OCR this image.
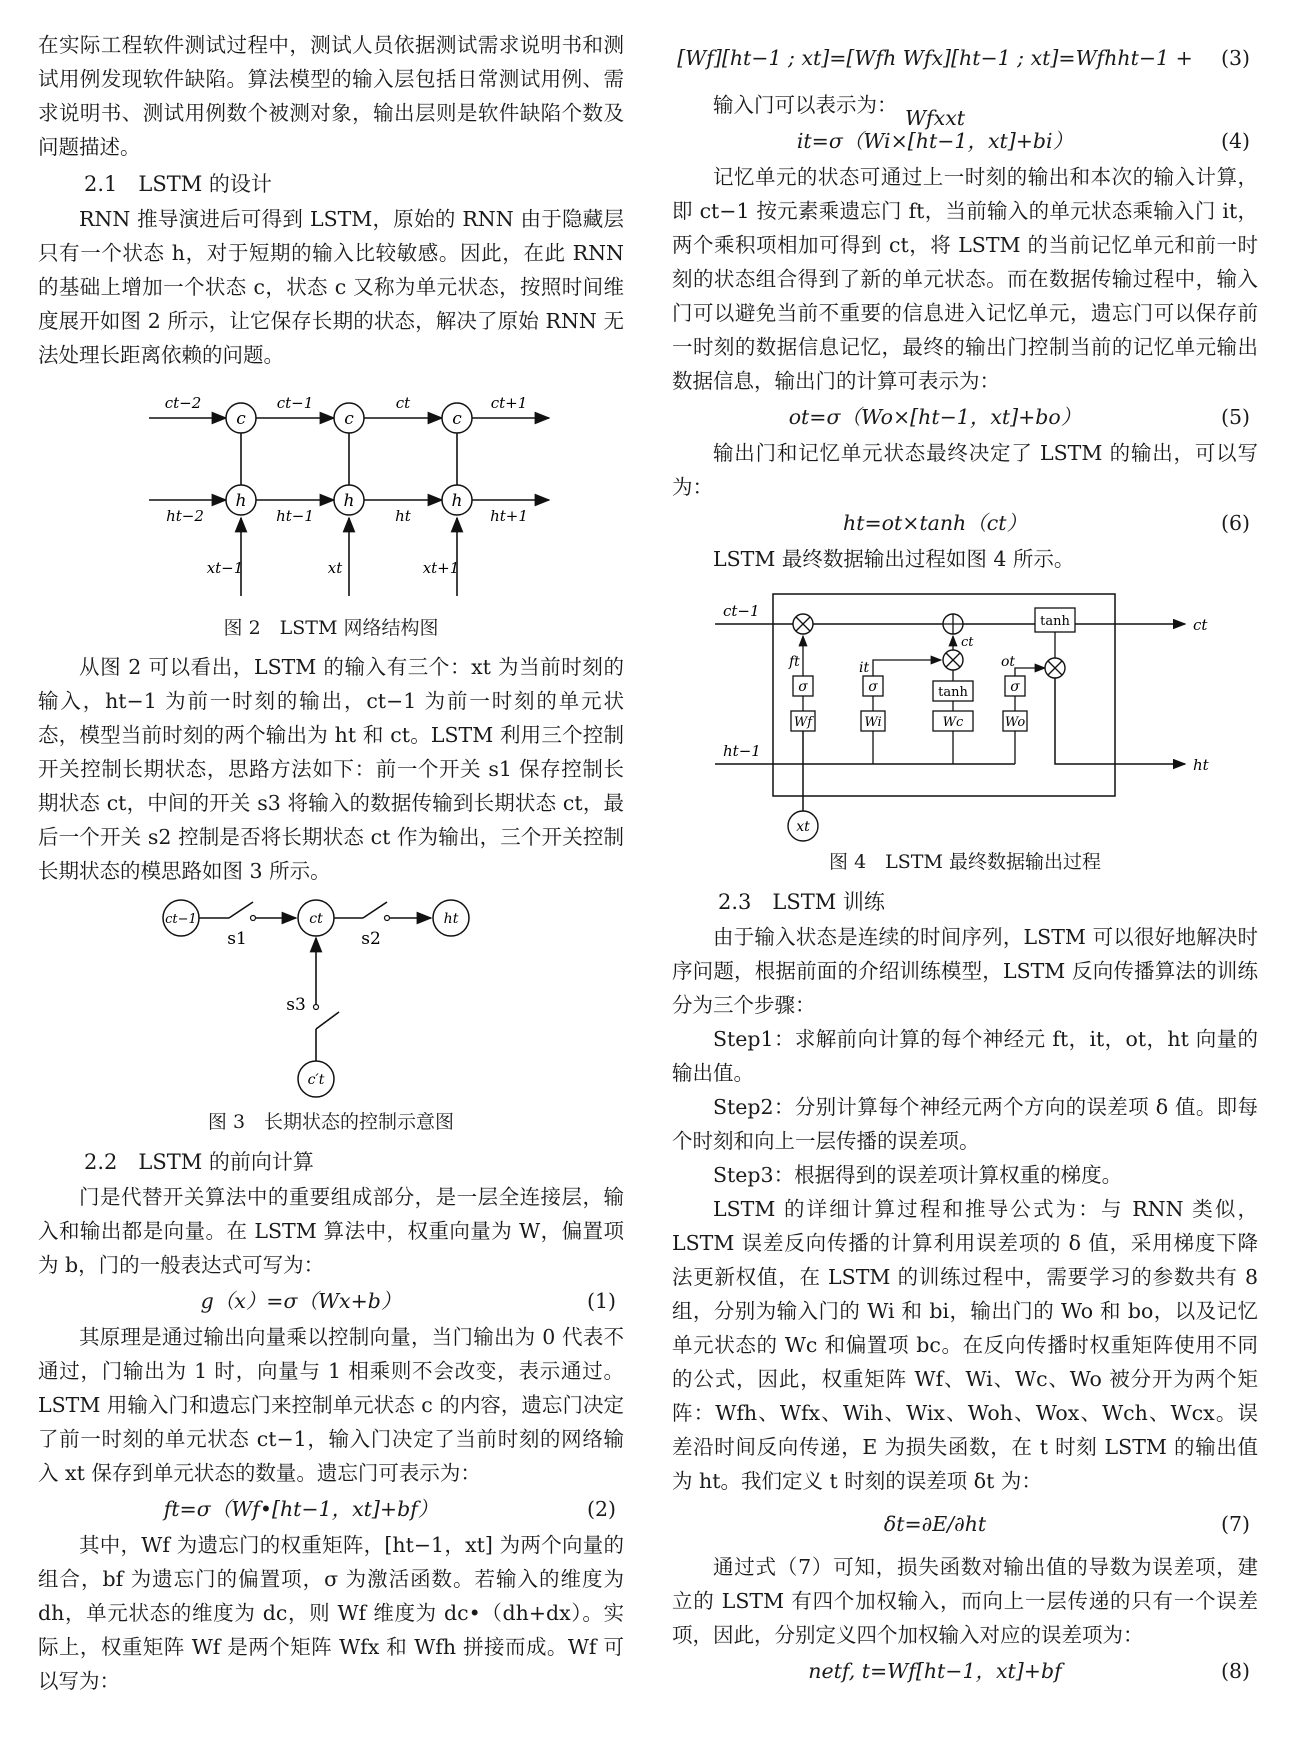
在实际工程软件测试过程中，测试人员依据测试需求说明书和测试用例发现软件缺陷。算法模型的输入层包括日常测试用例、需求说明书、测试用例数个被测对象，输出层则是软件缺陷个数及问题描述。

2.1　LSTM 的设计

RNN 推导演进后可得到 LSTM，原始的 RNN 由于隐藏层只有一个状态 h，对于短期的输入比较敏感。因此，在此 RNN 的基础上增加一个状态 c，状态 c 又称为单元状态，按照时间维度展开如图 2 所示，让它保存长期的状态，解决了原始 RNN 无法处理长距离依赖的问题。

c	c	c
h	h	h
ct−2	ct−1	ct	ct+1
ht−2	ht−1	ht	ht+1
xt−1	xt	xt+1
图 2　LSTM 网络结构图

从图 2 可以看出，LSTM 的输入有三个：xt 为当前时刻的输入，ht−1 为前一时刻的输出，ct−1 为前一时刻的单元状态，模型当前时刻的两个输出为 ht 和 ct。LSTM 利用三个控制开关控制长期状态，思路方法如下：前一个开关 s1 保存控制长期状态 ct，中间的开关 s3 将输入的数据传输到长期状态 ct，最后一个开关 s2 控制是否将长期状态 ct 作为输出，三个开关控制长期状态的模思路如图 3 所示。

ct−1	ct	ht
c′t
s1	s2
s3
图 3　长期状态的控制示意图
2.2　LSTM 的前向计算

门是代替开关算法中的重要组成部分，是一层全连接层，输入和输出都是向量。在 LSTM 算法中，权重向量为 W，偏置项为 b，门的一般表达式可写为：

g（x）=σ（Wx+b）	(1)

其原理是通过输出向量乘以控制向量，当门输出为 0 代表不通过，门输出为 1 时，向量与 1 相乘则不会改变，表示通过。LSTM 用输入门和遗忘门来控制单元状态 c 的内容，遗忘门决定了前一时刻的单元状态 ct−1，输入门决定了当前时刻的网络输入 xt 保存到单元状态的数量。遗忘门可表示为：

ft=σ（Wf•[ht−1，xt]+bf）	(2)

其中，Wf 为遗忘门的权重矩阵，[ht−1，xt] 为两个向量的组合，bf 为遗忘门的偏置项，σ 为激活函数。若输入的维度为 dh，单元状态的维度为 dc，则 Wf 维度为 dc•（dh+dx）。实际上，权重矩阵 Wf 是两个矩阵 Wfx 和 Wfh 拼接而成。Wf 可以写为：

[Wf][ht−1 ; xt]=[Wfh Wfx][ht−1 ; xt]=Wfhht−1 + Wfxxt
(3)

输入门可以表示为：

it=σ（Wi×[ht−1，xt]+bi）	(4)

记忆单元的状态可通过上一时刻的输出和本次的输入计算，即 ct−1 按元素乘遗忘门 ft，当前输入的单元状态乘输入门 it，两个乘积项相加可得到 ct，将 LSTM 的当前记忆单元和前一时刻的状态组合得到了新的单元状态。而在数据传输过程中，输入门可以避免当前不重要的信息进入记忆单元，遗忘门可以保存前一时刻的数据信息记忆，最终的输出门控制当前的记忆单元输出数据信息，输出门的计算可表示为：

ot=σ（Wo×[ht−1，xt]+bo）	(5)

输出门和记忆单元状态最终决定了 LSTM 的输出，可以写为：

ht=ot×tanh（ct）	(6)

LSTM 最终数据输出过程如图 4 所示。

ct−1
ct
ht−1
xt
Wf
σ
ft
Wi
σ
it
ct
tanh
Wc	Wo
σ
ot
tanh
ht
图 4　LSTM 最终数据输出过程
2.3　LSTM 训练

由于输入状态是连续的时间序列，LSTM 可以很好地解决时序问题，根据前面的介绍训练模型，LSTM 反向传播算法的训练分为三个步骤：

Step1：求解前向计算的每个神经元 ft，it，ot，ht 向量的输出值。

Step2：分别计算每个神经元两个方向的误差项 δ 值。即每个时刻和向上一层传播的误差项。

Step3：根据得到的误差项计算权重的梯度。

LSTM 的详细计算过程和推导公式为：与 RNN 类似，LSTM 误差反向传播的计算利用误差项的 δ 值，采用梯度下降法更新权值，在 LSTM 的训练过程中，需要学习的参数共有 8 组，分别为输入门的 Wi 和 bi，输出门的 Wo 和 bo，以及记忆单元状态的 Wc 和偏置项 bc。在反向传播时权重矩阵使用不同的公式，因此，权重矩阵 Wf、Wi、Wc、Wo 被分开为两个矩阵：Wfh、Wfx、Wih、Wix、Woh、Wox、Wch、Wcx。误差沿时间反向传递，E 为损失函数，在 t 时刻 LSTM 的输出值为 ht。我们定义 t 时刻的误差项 δt 为：

δt=∂E/∂ht	(7)

通过式（7）可知，损失函数对输出值的导数为误差项，建立的 LSTM 有四个加权输入，而向上一层传递的只有一个误差项，因此，分别定义四个加权输入对应的误差项为：

netf, t=Wf[ht−1，xt]+bf	(8)
